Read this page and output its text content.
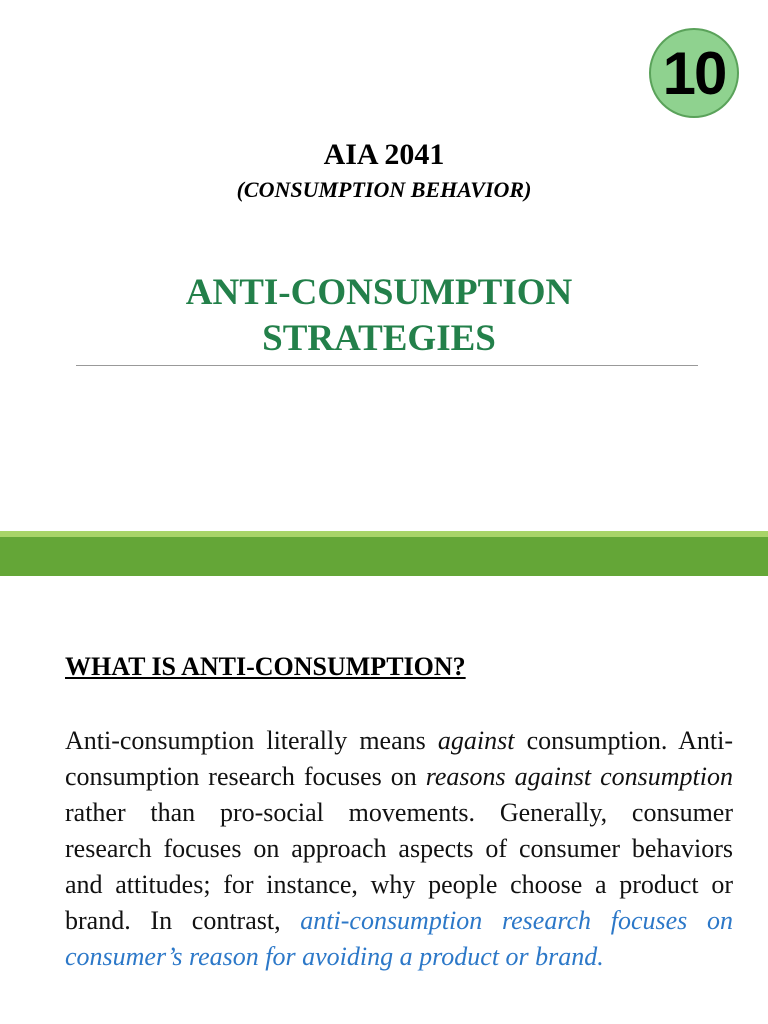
10
AIA 2041
(CONSUMPTION BEHAVIOR)
ANTI-CONSUMPTION
STRATEGIES
WHAT IS ANTI-CONSUMPTION?
Anti-consumption literally means against consumption. Anti-consumption research focuses on reasons against consumption rather than pro-social movements. Generally, consumer research focuses on approach aspects of consumer behaviors and attitudes; for instance, why people choose a product or brand. In contrast, anti-consumption research focuses on consumer’s reason for avoiding a product or brand.
